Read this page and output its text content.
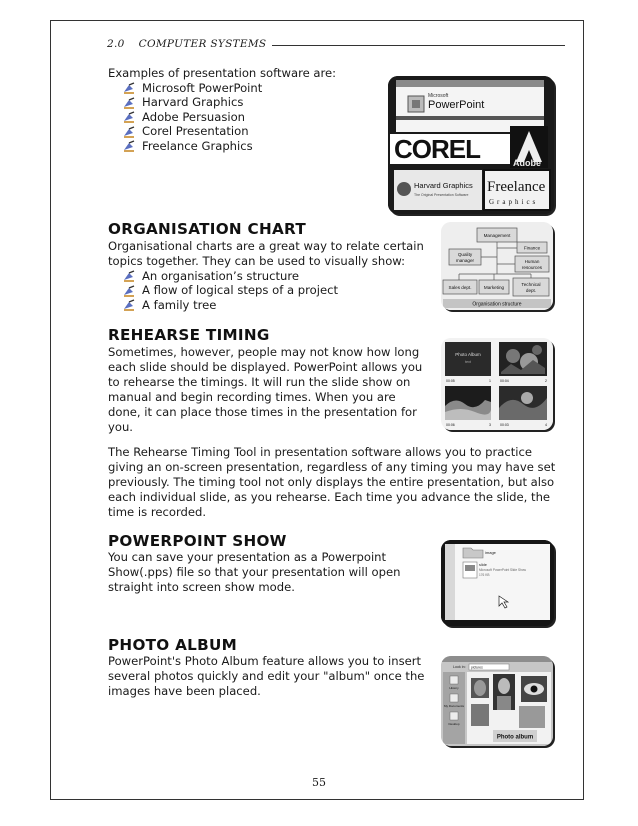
2.0 COMPUTER SYSTEMS
Examples of presentation software are:
Microsoft PowerPoint
Harvard Graphics
Adobe Persuasion
Corel Presentation
Freelance Graphics
Microsoft
PowerPoint
COREL	Adobe
Harvard Graphics
The Original Presentation Software Freelance
Graphics
ORGANISATION CHART
Organisational charts are a great way to relate certain
topics together. They can be used to visually show:
An organisation’s structure
A flow of logical steps of a project
A family tree
Management
Finance
Quality
manager	Human
resources
Sales dept.	Marketing
Technical
dept.
Organisation structure
REHEARSE TIMING
Sometimes, however, people may not know how long
each slide should be displayed. PowerPoint allows you
to rehearse the timings. It will run the slide show on
manual and begin recording times. When you are
done, it can place those times in the presentation for
you.
The Rehearse Timing Tool in presentation software allows you to practice
giving an on-screen presentation, regardless of any timing you may have set
previously. The timing tool not only displays the entire presentation, but also
each individual slide, as you rehearse. Each time you advance the slide, the
time is recorded.
Photo Album
text
00:05	1	00:04	2
00:06	3	00:03	4
POWERPOINT SHOW
You can save your presentation as a Powerpoint
Show(.pps) file so that your presentation will open
straight into screen show mode.
image
slide
Microsoft PowerPoint Slide Show
176 KB
PHOTO ALBUM
PowerPoint's Photo Album feature allows you to insert
several photos quickly and edit your "album" once the
images have been placed.
Look in: pictures
History
My Documents
Desktop
Photo album
55
